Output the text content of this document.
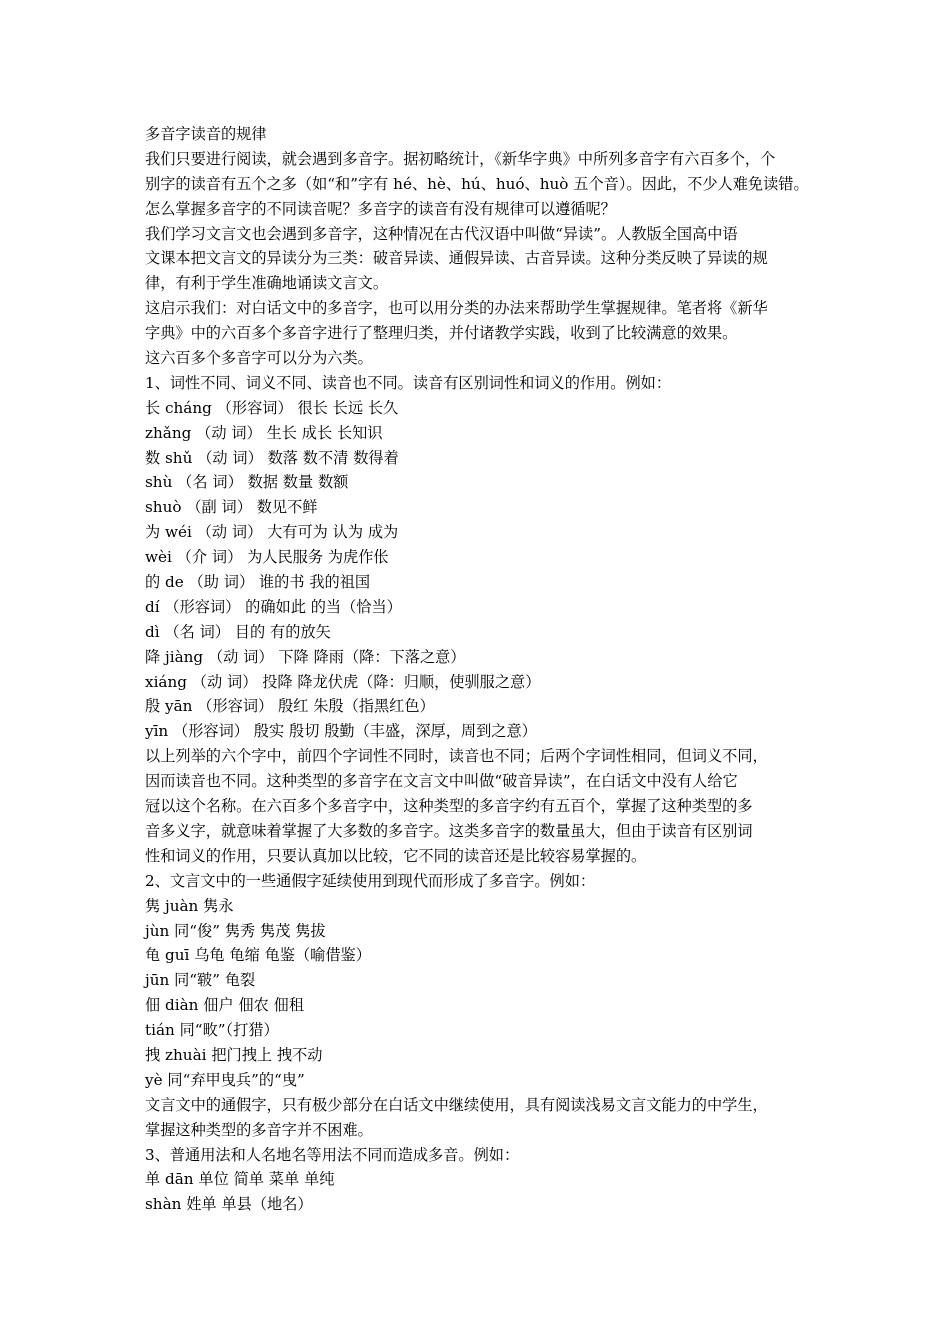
多音字读音的规律
我们只要进行阅读，就会遇到多音字。据初略统计，《新华字典》中所列多音字有六百多个，个
别字的读音有五个之多（如“和”字有 hé、hè、hú、huó、huò 五个音）。因此，不少人难免读错。
怎么掌握多音字的不同读音呢？多音字的读音有没有规律可以遵循呢？
我们学习文言文也会遇到多音字，这种情况在古代汉语中叫做“异读”。人教版全国高中语
文课本把文言文的异读分为三类：破音异读、通假异读、古音异读。这种分类反映了异读的规
律，有利于学生准确地诵读文言文。
这启示我们：对白话文中的多音字，也可以用分类的办法来帮助学生掌握规律。笔者将《新华
字典》中的六百多个多音字进行了整理归类，并付诸教学实践，收到了比较满意的效果。
这六百多个多音字可以分为六类。
1、词性不同、词义不同、读音也不同。读音有区别词性和词义的作用。例如：
长 cháng （形容词） 很长 长远 长久
zhǎng （动 词） 生长 成长 长知识
数 shǔ （动 词） 数落 数不清 数得着
shù （名 词） 数据 数量 数额
shuò （副 词） 数见不鲜
为 wéi （动 词） 大有可为 认为 成为
wèi （介 词） 为人民服务 为虎作伥
的 de （助 词） 谁的书 我的祖国
dí （形容词） 的确如此 的当（恰当）
dì （名 词） 目的 有的放矢
降 jiàng （动 词） 下降 降雨（降：下落之意）
xiáng （动 词） 投降 降龙伏虎（降：归顺，使驯服之意）
殷 yān （形容词） 殷红 朱殷（指黑红色）
yīn （形容词） 殷实 殷切 殷勤（丰盛，深厚，周到之意）
以上列举的六个字中，前四个字词性不同时，读音也不同；后两个字词性相同，但词义不同，
因而读音也不同。这种类型的多音字在文言文中叫做“破音异读”，在白话文中没有人给它
冠以这个名称。在六百多个多音字中，这种类型的多音字约有五百个，掌握了这种类型的多
音多义字，就意味着掌握了大多数的多音字。这类多音字的数量虽大，但由于读音有区别词
性和词义的作用，只要认真加以比较，它不同的读音还是比较容易掌握的。
2、文言文中的一些通假字延续使用到现代而形成了多音字。例如：
隽 juàn 隽永
jùn 同“俊” 隽秀 隽茂 隽拔
龟 guī 乌龟 龟缩 龟鉴（喻借鉴）
jūn 同“皲” 龟裂
佃 diàn 佃户 佃农 佃租
tián 同“畋”（打猎）
拽 zhuài 把门拽上 拽不动
yè 同“弃甲曳兵”的“曳”
文言文中的通假字，只有极少部分在白话文中继续使用，具有阅读浅易文言文能力的中学生，
掌握这种类型的多音字并不困难。
3、普通用法和人名地名等用法不同而造成多音。例如：
单 dān 单位 简单 菜单 单纯
shàn 姓单 单县（地名）
